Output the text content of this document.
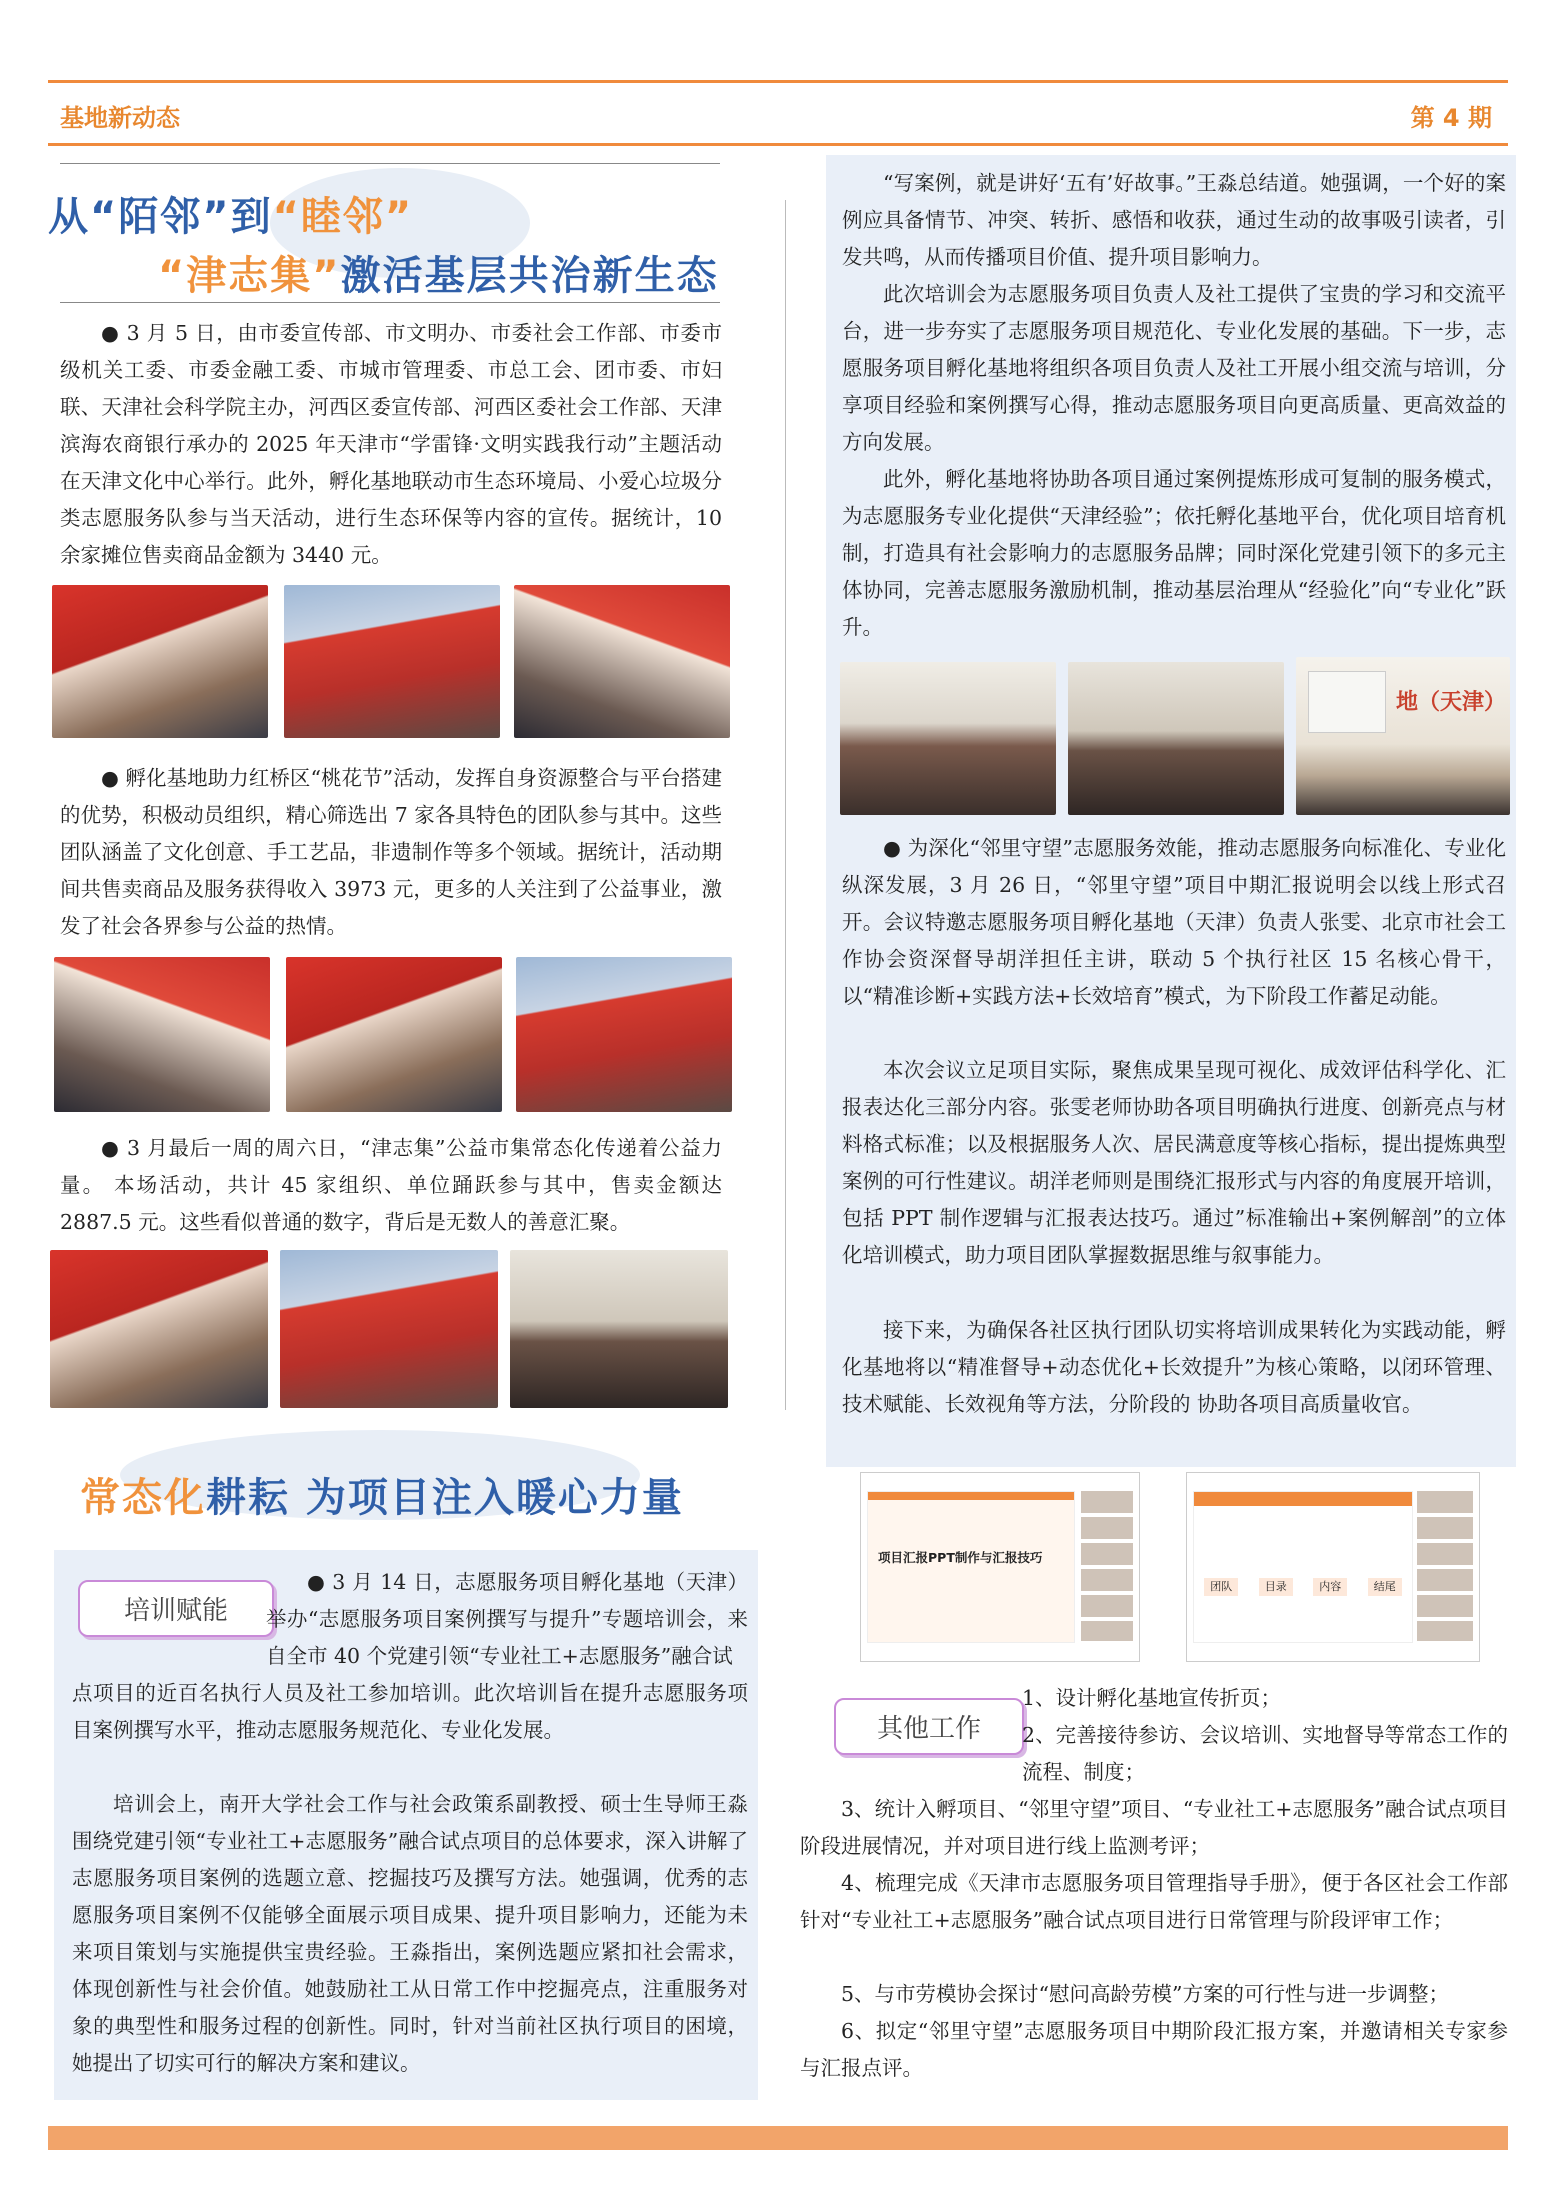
基地新动态	第 4 期
从“陌邻”到“睦邻”
“津志集”激活基层共治新生态

● 3 月 5 日，由市委宣传部、市文明办、市委社会工作部、市委市级机关工委、市委金融工委、市城市管理委、市总工会、团市委、市妇联、天津社会科学院主办，河西区委宣传部、河西区委社会工作部、天津滨海农商银行承办的 2025 年天津市“学雷锋·文明实践我行动”主题活动在天津文化中心举行。此外，孵化基地联动市生态环境局、小爱心垃圾分类志愿服务队参与当天活动，进行生态环保等内容的宣传。据统计，10 余家摊位售卖商品金额为 3440 元。

● 孵化基地助力红桥区“桃花节”活动，发挥自身资源整合与平台搭建的优势，积极动员组织，精心筛选出 7 家各具特色的团队参与其中。这些团队涵盖了文化创意、手工艺品，非遗制作等多个领域。据统计，活动期间共售卖商品及服务获得收入 3973 元，更多的人关注到了公益事业，激发了社会各界参与公益的热情。

● 3 月最后一周的周六日，“津志集”公益市集常态化传递着公益力量。 本场活动，共计 45 家组织、单位踊跃参与其中，售卖金额达 2887.5 元。这些看似普通的数字，背后是无数人的善意汇聚。

常态化耕耘 为项目注入暖心力量
培训赋能

● 3 月 14 日，志愿服务项目孵化基地（天津）举办“志愿服务项目案例撰写与提升”专题培训会，来自全市 40 个党建引领“专业社工+志愿服务”融合试

点项目的近百名执行人员及社工参加培训。此次培训旨在提升志愿服务项目案例撰写水平，推动志愿服务规范化、专业化发展。

培训会上，南开大学社会工作与社会政策系副教授、硕士生导师王淼围绕党建引领“专业社工+志愿服务”融合试点项目的总体要求，深入讲解了志愿服务项目案例的选题立意、挖掘技巧及撰写方法。她强调，优秀的志愿服务项目案例不仅能够全面展示项目成果、提升项目影响力，还能为未来项目策划与实施提供宝贵经验。王淼指出，案例选题应紧扣社会需求，体现创新性与社会价值。她鼓励社工从日常工作中挖掘亮点，注重服务对象的典型性和服务过程的创新性。同时，针对当前社区执行项目的困境，她提出了切实可行的解决方案和建议。

“写案例，就是讲好‘五有’好故事。”王淼总结道。她强调，一个好的案例应具备情节、冲突、转折、感悟和收获，通过生动的故事吸引读者，引发共鸣，从而传播项目价值、提升项目影响力。

此次培训会为志愿服务项目负责人及社工提供了宝贵的学习和交流平台，进一步夯实了志愿服务项目规范化、专业化发展的基础。下一步，志愿服务项目孵化基地将组织各项目负责人及社工开展小组交流与培训，分享项目经验和案例撰写心得，推动志愿服务项目向更高质量、更高效益的方向发展。

此外，孵化基地将协助各项目通过案例提炼形成可复制的服务模式，为志愿服务专业化提供“天津经验”；依托孵化基地平台，优化项目培育机制，打造具有社会影响力的志愿服务品牌；同时深化党建引领下的多元主体协同，完善志愿服务激励机制，推动基层治理从“经验化”向“专业化”跃升。

地（天津）

● 为深化“邻里守望”志愿服务效能，推动志愿服务向标准化、专业化纵深发展，3 月 26 日，“邻里守望”项目中期汇报说明会以线上形式召开。会议特邀志愿服务项目孵化基地（天津）负责人张雯、北京市社会工作协会资深督导胡洋担任主讲，联动 5 个执行社区 15 名核心骨干，以“精准诊断+实践方法+长效培育”模式，为下阶段工作蓄足动能。

本次会议立足项目实际，聚焦成果呈现可视化、成效评估科学化、汇报表达化三部分内容。张雯老师协助各项目明确执行进度、创新亮点与材料格式标准；以及根据服务人次、居民满意度等核心指标，提出提炼典型案例的可行性建议。胡洋老师则是围绕汇报形式与内容的角度展开培训，包括 PPT 制作逻辑与汇报表达技巧。通过”标准输出+案例解剖”的立体化培训模式，助力项目团队掌握数据思维与叙事能力。

接下来，为确保各社区执行团队切实将培训成果转化为实践动能，孵化基地将以“精准督导+动态优化+长效提升”为核心策略，以闭环管理、技术赋能、长效视角等方法，分阶段的 协助各项目高质量收官。

项目汇报PPT制作与汇报技巧
团队	目录	内容	结尾
其他工作

1、设计孵化基地宣传折页；

2、完善接待参访、会议培训、实地督导等常态工作的流程、制度；

3、统计入孵项目、“邻里守望”项目、“专业社工+志愿服务”融合试点项目阶段进展情况，并对项目进行线上监测考评；

4、梳理完成《天津市志愿服务项目管理指导手册》，便于各区社会工作部针对“专业社工+志愿服务”融合试点项目进行日常管理与阶段评审工作；

5、与市劳模协会探讨“慰问高龄劳模”方案的可行性与进一步调整；

6、拟定“邻里守望”志愿服务项目中期阶段汇报方案，并邀请相关专家参与汇报点评。
